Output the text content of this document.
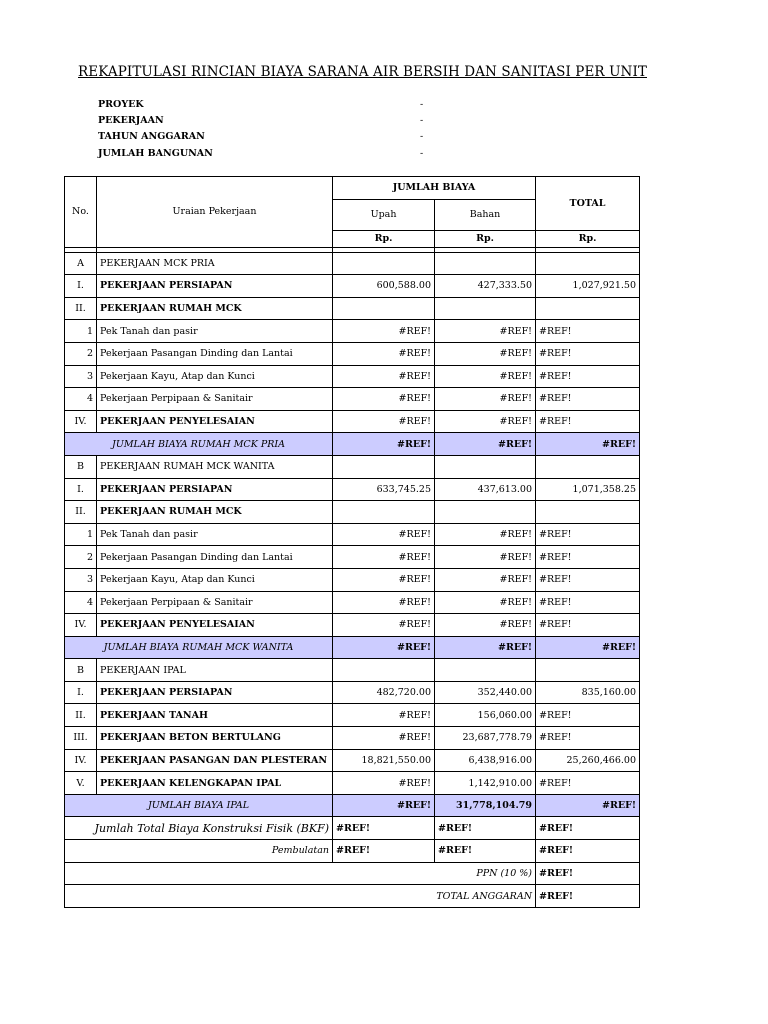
REKAPITULASI RINCIAN BIAYA SARANA AIR BERSIH DAN SANITASI PER UNIT
PROYEK	-
PEKERJAAN	-
TAHUN ANGGARAN	-
JUMLAH BANGUNAN	-
No.	Uraian Pekerjaan	JUMLAH BIAYA		TOTAL
		Upah	Bahan	
		Rp.	Rp.	Rp.

A	PEKERJAAN MCK PRIA			
I.	PEKERJAAN PERSIAPAN	600,588.00	427,333.50	1,027,921.50
II.	PEKERJAAN RUMAH MCK			
1	Pek Tanah dan pasir	#REF!	#REF!	#REF!
2	Pekerjaan Pasangan Dinding dan Lantai	#REF!	#REF!	#REF!
3	Pekerjaan Kayu, Atap dan Kunci	#REF!	#REF!	#REF!
4	Pekerjaan Perpipaan & Sanitair	#REF!	#REF!	#REF!
IV.	PEKERJAAN PENYELESAIAN	#REF!	#REF!	#REF!
JUMLAH BIAYA RUMAH MCK PRIA		#REF!	#REF!	#REF!
B	PEKERJAAN RUMAH MCK WANITA			
I.	PEKERJAAN PERSIAPAN	633,745.25	437,613.00	1,071,358.25
II.	PEKERJAAN RUMAH MCK			
1	Pek Tanah dan pasir	#REF!	#REF!	#REF!
2	Pekerjaan Pasangan Dinding dan Lantai	#REF!	#REF!	#REF!
3	Pekerjaan Kayu, Atap dan Kunci	#REF!	#REF!	#REF!
4	Pekerjaan Perpipaan & Sanitair	#REF!	#REF!	#REF!
IV.	PEKERJAAN PENYELESAIAN	#REF!	#REF!	#REF!
JUMLAH BIAYA RUMAH MCK WANITA		#REF!	#REF!	#REF!
B	PEKERJAAN IPAL			
I.	PEKERJAAN PERSIAPAN	482,720.00	352,440.00	835,160.00
II.	PEKERJAAN TANAH	#REF!	156,060.00	#REF!
III.	PEKERJAAN BETON BERTULANG	#REF!	23,687,778.79	#REF!
IV.	PEKERJAAN PASANGAN DAN PLESTERAN	18,821,550.00	6,438,916.00	25,260,466.00
V.	PEKERJAAN KELENGKAPAN IPAL	#REF!	1,142,910.00	#REF!
JUMLAH BIAYA IPAL		#REF!	31,778,104.79	#REF!
Jumlah Total Biaya Konstruksi Fisik (BKF)		#REF!	#REF!	#REF!
Pembulatan		#REF!	#REF!	#REF!
PPN (10 %)				#REF!
TOTAL ANGGARAN				#REF!
